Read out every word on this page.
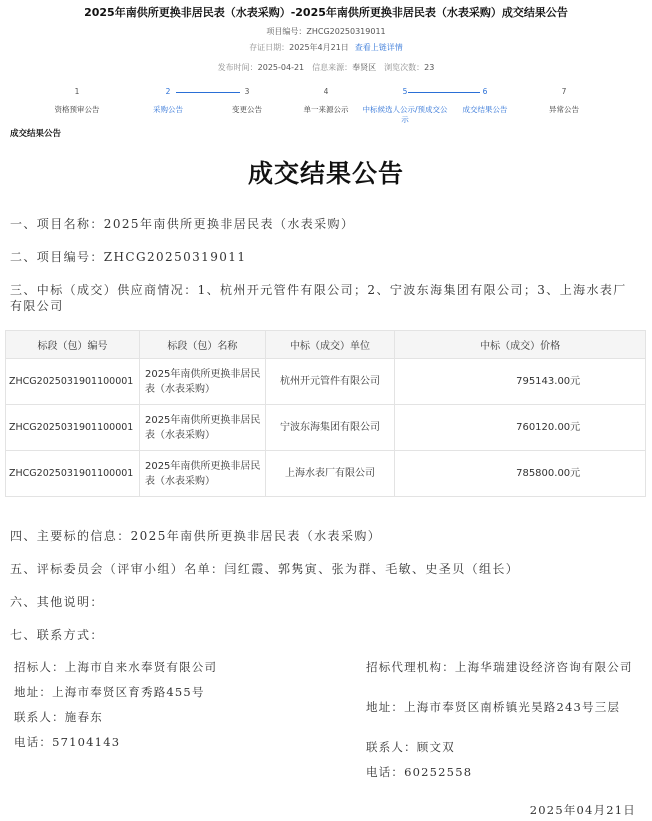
2025年南供所更换非居民表（水表采购）-2025年南供所更换非居民表（水表采购）成交结果公告
项目编号：ZHCG20250319011
存证日期：2025年4月21日 查看上链详情
发布时间：2025-04-21 信息来源：奉贤区 浏览次数：23
1
资格预审公告
2
采购公告
3
变更公告
4
单一来源公示
5
中标候选人公示/预成交公示
6
成交结果公告
7
异常公告
成交结果公告
成交结果公告
一、项目名称：2025年南供所更换非居民表（水表采购）
二、项目编号：ZHCG20250319011
三、中标（成交）供应商情况：1、杭州开元管件有限公司；2、宁波东海集团有限公司；3、上海水表厂有限公司
标段（包）编号	标段（包）名称	中标（成交）单位	中标（成交）价格
ZHCG2025031901100001	2025年南供所更换非居民表（水表采购）	杭州开元管件有限公司	795143.00元
ZHCG2025031901100001	2025年南供所更换非居民表（水表采购）	宁波东海集团有限公司	760120.00元
ZHCG2025031901100001	2025年南供所更换非居民表（水表采购）	上海水表厂有限公司	785800.00元
四、主要标的信息：2025年南供所更换非居民表（水表采购）
五、评标委员会（评审小组）名单：闫红霞、郭隽寅、张为群、毛敏、史圣贝（组长）
六、其他说明：
七、联系方式：
招标人：上海市自来水奉贤有限公司
地址：上海市奉贤区育秀路455号
联系人：施春东
电话：57104143
招标代理机构：上海华瑞建设经济咨询有限公司
地址：上海市奉贤区南桥镇光昊路243号三层
联系人：顾文双
电话：60252558
2025年04月21日
